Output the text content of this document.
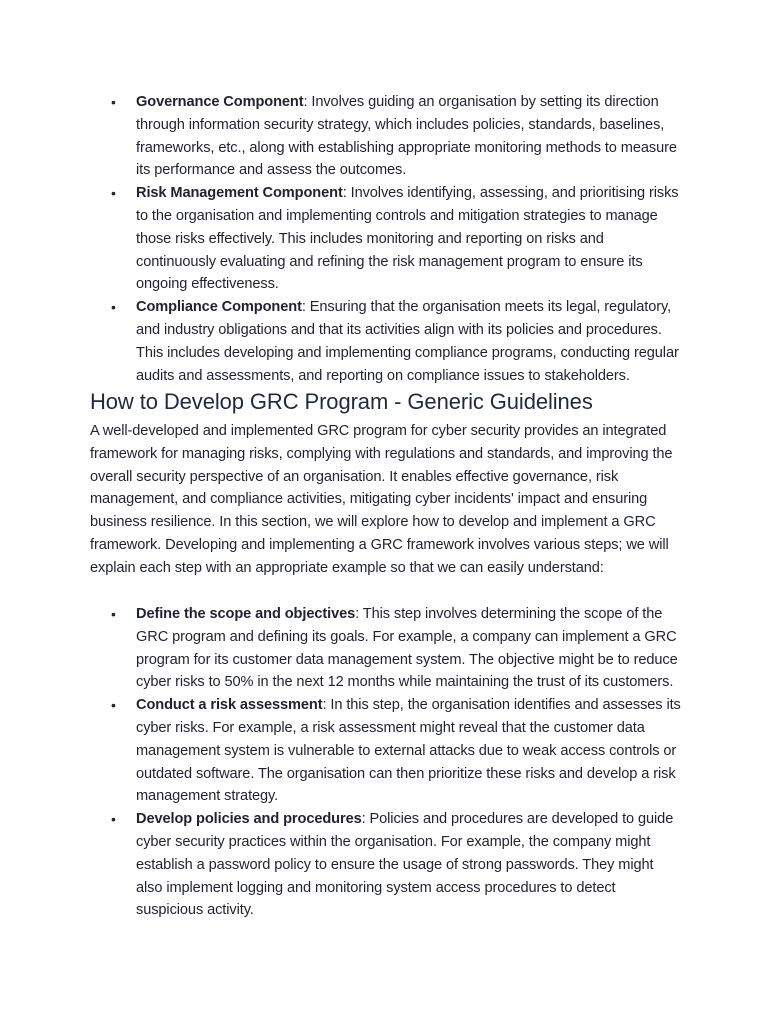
• Governance Component: Involves guiding an organisation by setting its direction through information security strategy, which includes policies, standards, baselines, frameworks, etc., along with establishing appropriate monitoring methods to measure its performance and assess the outcomes.
• Risk Management Component: Involves identifying, assessing, and prioritising risks to the organisation and implementing controls and mitigation strategies to manage those risks effectively. This includes monitoring and reporting on risks and continuously evaluating and refining the risk management program to ensure its ongoing effectiveness.
• Compliance Component: Ensuring that the organisation meets its legal, regulatory, and industry obligations and that its activities align with its policies and procedures. This includes developing and implementing compliance programs, conducting regular audits and assessments, and reporting on compliance issues to stakeholders.
How to Develop GRC Program - Generic Guidelines

A well-developed and implemented GRC program for cyber security provides an integrated framework for managing risks, complying with regulations and standards, and improving the overall security perspective of an organisation. It enables effective governance, risk management, and compliance activities, mitigating cyber incidents' impact and ensuring business resilience. In this section, we will explore how to develop and implement a GRC framework. Developing and implementing a GRC framework involves various steps; we will explain each step with an appropriate example so that we can easily understand:

• Define the scope and objectives: This step involves determining the scope of the GRC program and defining its goals. For example, a company can implement a GRC program for its customer data management system. The objective might be to reduce cyber risks to 50% in the next 12 months while maintaining the trust of its customers.
• Conduct a risk assessment: In this step, the organisation identifies and assesses its cyber risks. For example, a risk assessment might reveal that the customer data management system is vulnerable to external attacks due to weak access controls or outdated software. The organisation can then prioritize these risks and develop a risk management strategy.
• Develop policies and procedures: Policies and procedures are developed to guide cyber security practices within the organisation. For example, the company might establish a password policy to ensure the usage of strong passwords. They might also implement logging and monitoring system access procedures to detect suspicious activity.
